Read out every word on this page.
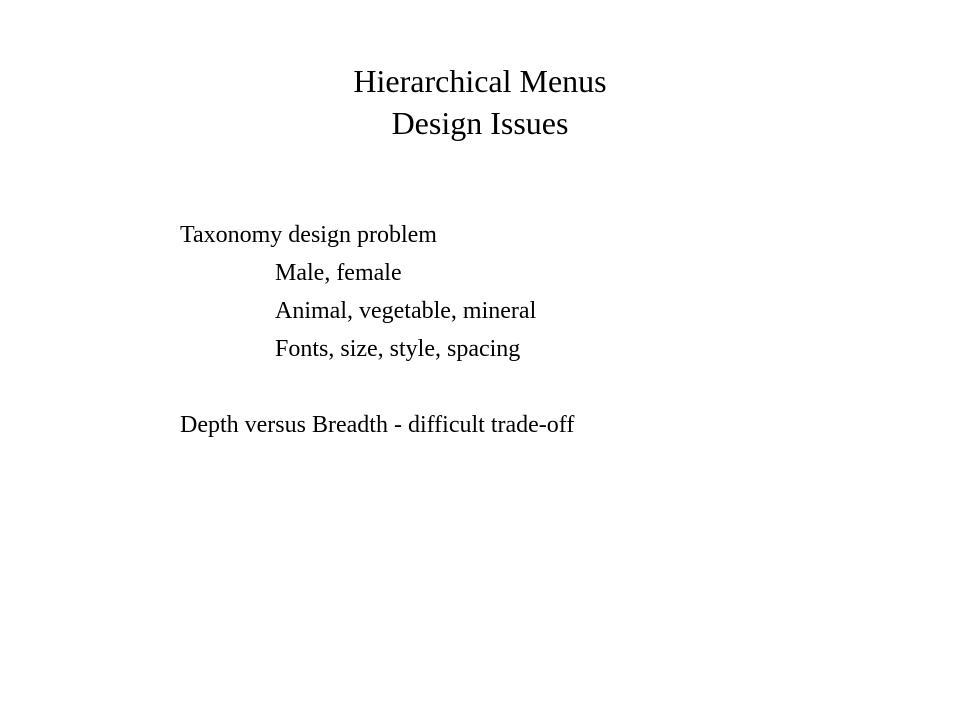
Hierarchical Menus
Design Issues
Taxonomy design problem
Male, female
Animal, vegetable, mineral
Fonts, size, style, spacing
Depth versus Breadth - difficult trade-off
